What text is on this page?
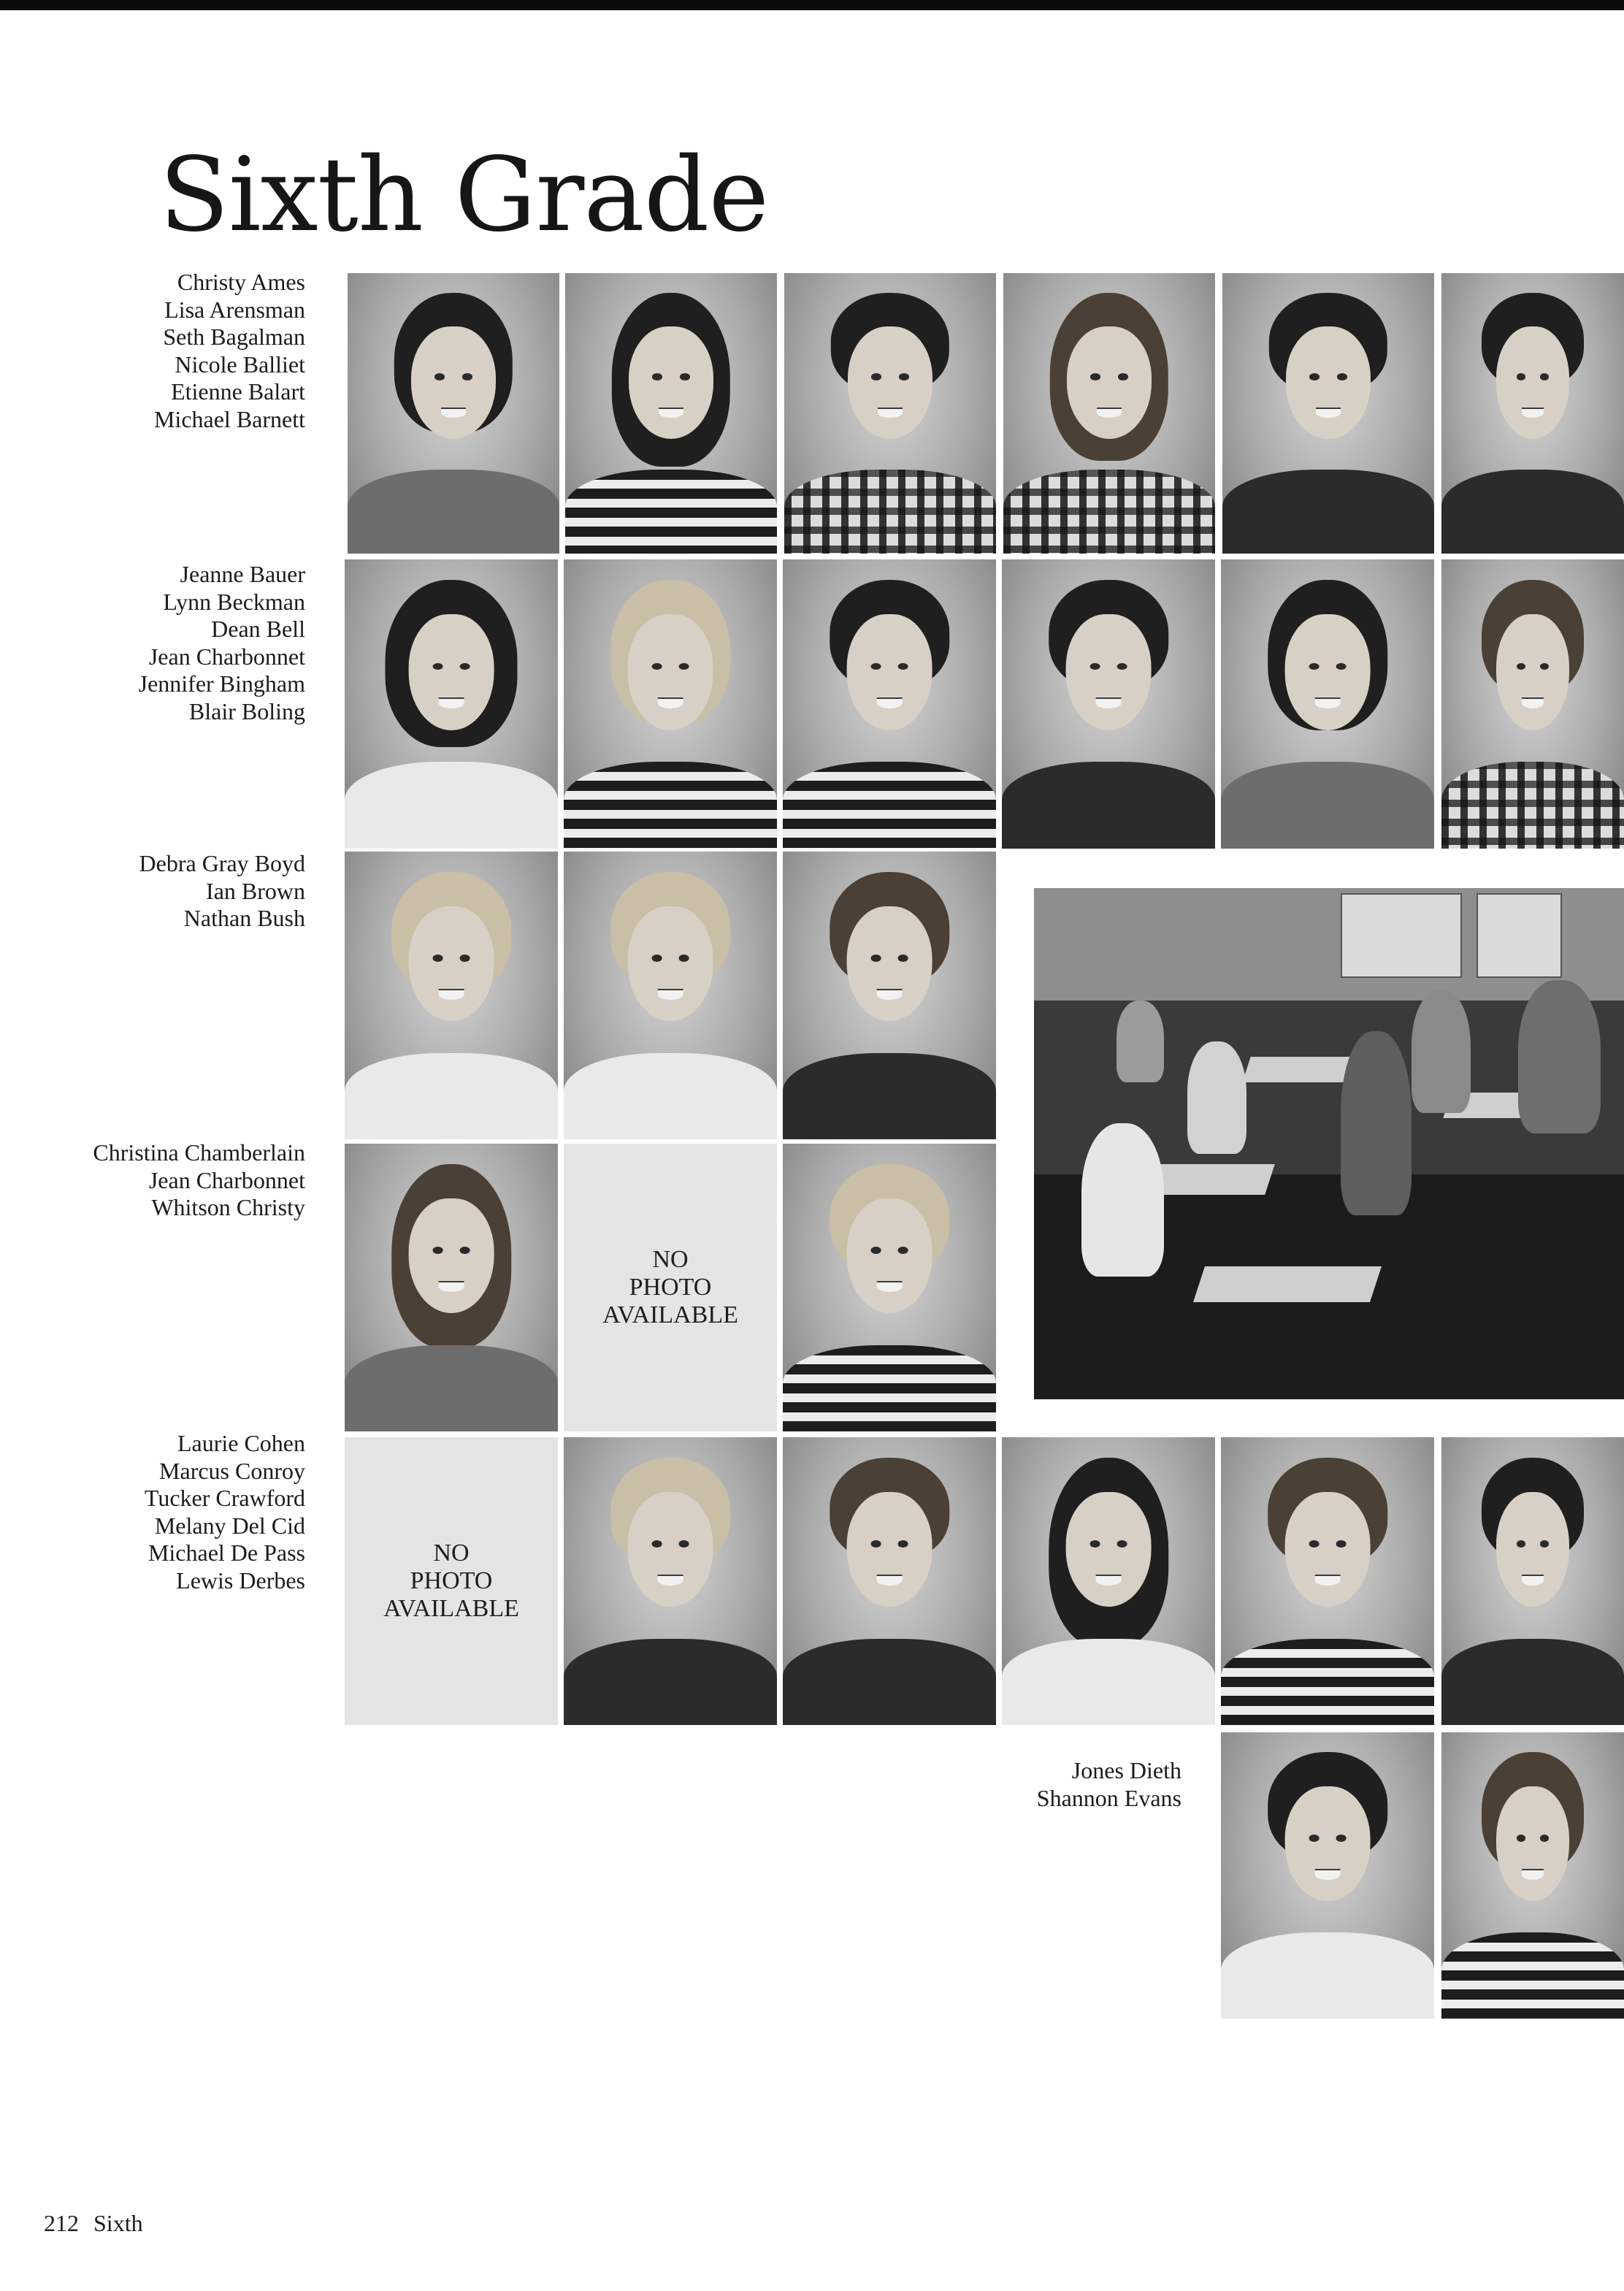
Sixth Grade
Christy Ames
Lisa Arensman
Seth Bagalman
Nicole Balliet
Etienne Balart
Michael Barnett
Jeanne Bauer
Lynn Beckman
Dean Bell
Jean Charbonnet
Jennifer Bingham
Blair Boling
Debra Gray Boyd
Ian Brown
Nathan Bush
Christina Chamberlain
Jean Charbonnet
Whitson Christy
Laurie Cohen
Marcus Conroy
Tucker Crawford
Melany Del Cid
Michael De Pass
Lewis Derbes
Jones Dieth
Shannon Evans
NO
PHOTO
AVAILABLE
NO
PHOTO
AVAILABLE
212 Sixth
